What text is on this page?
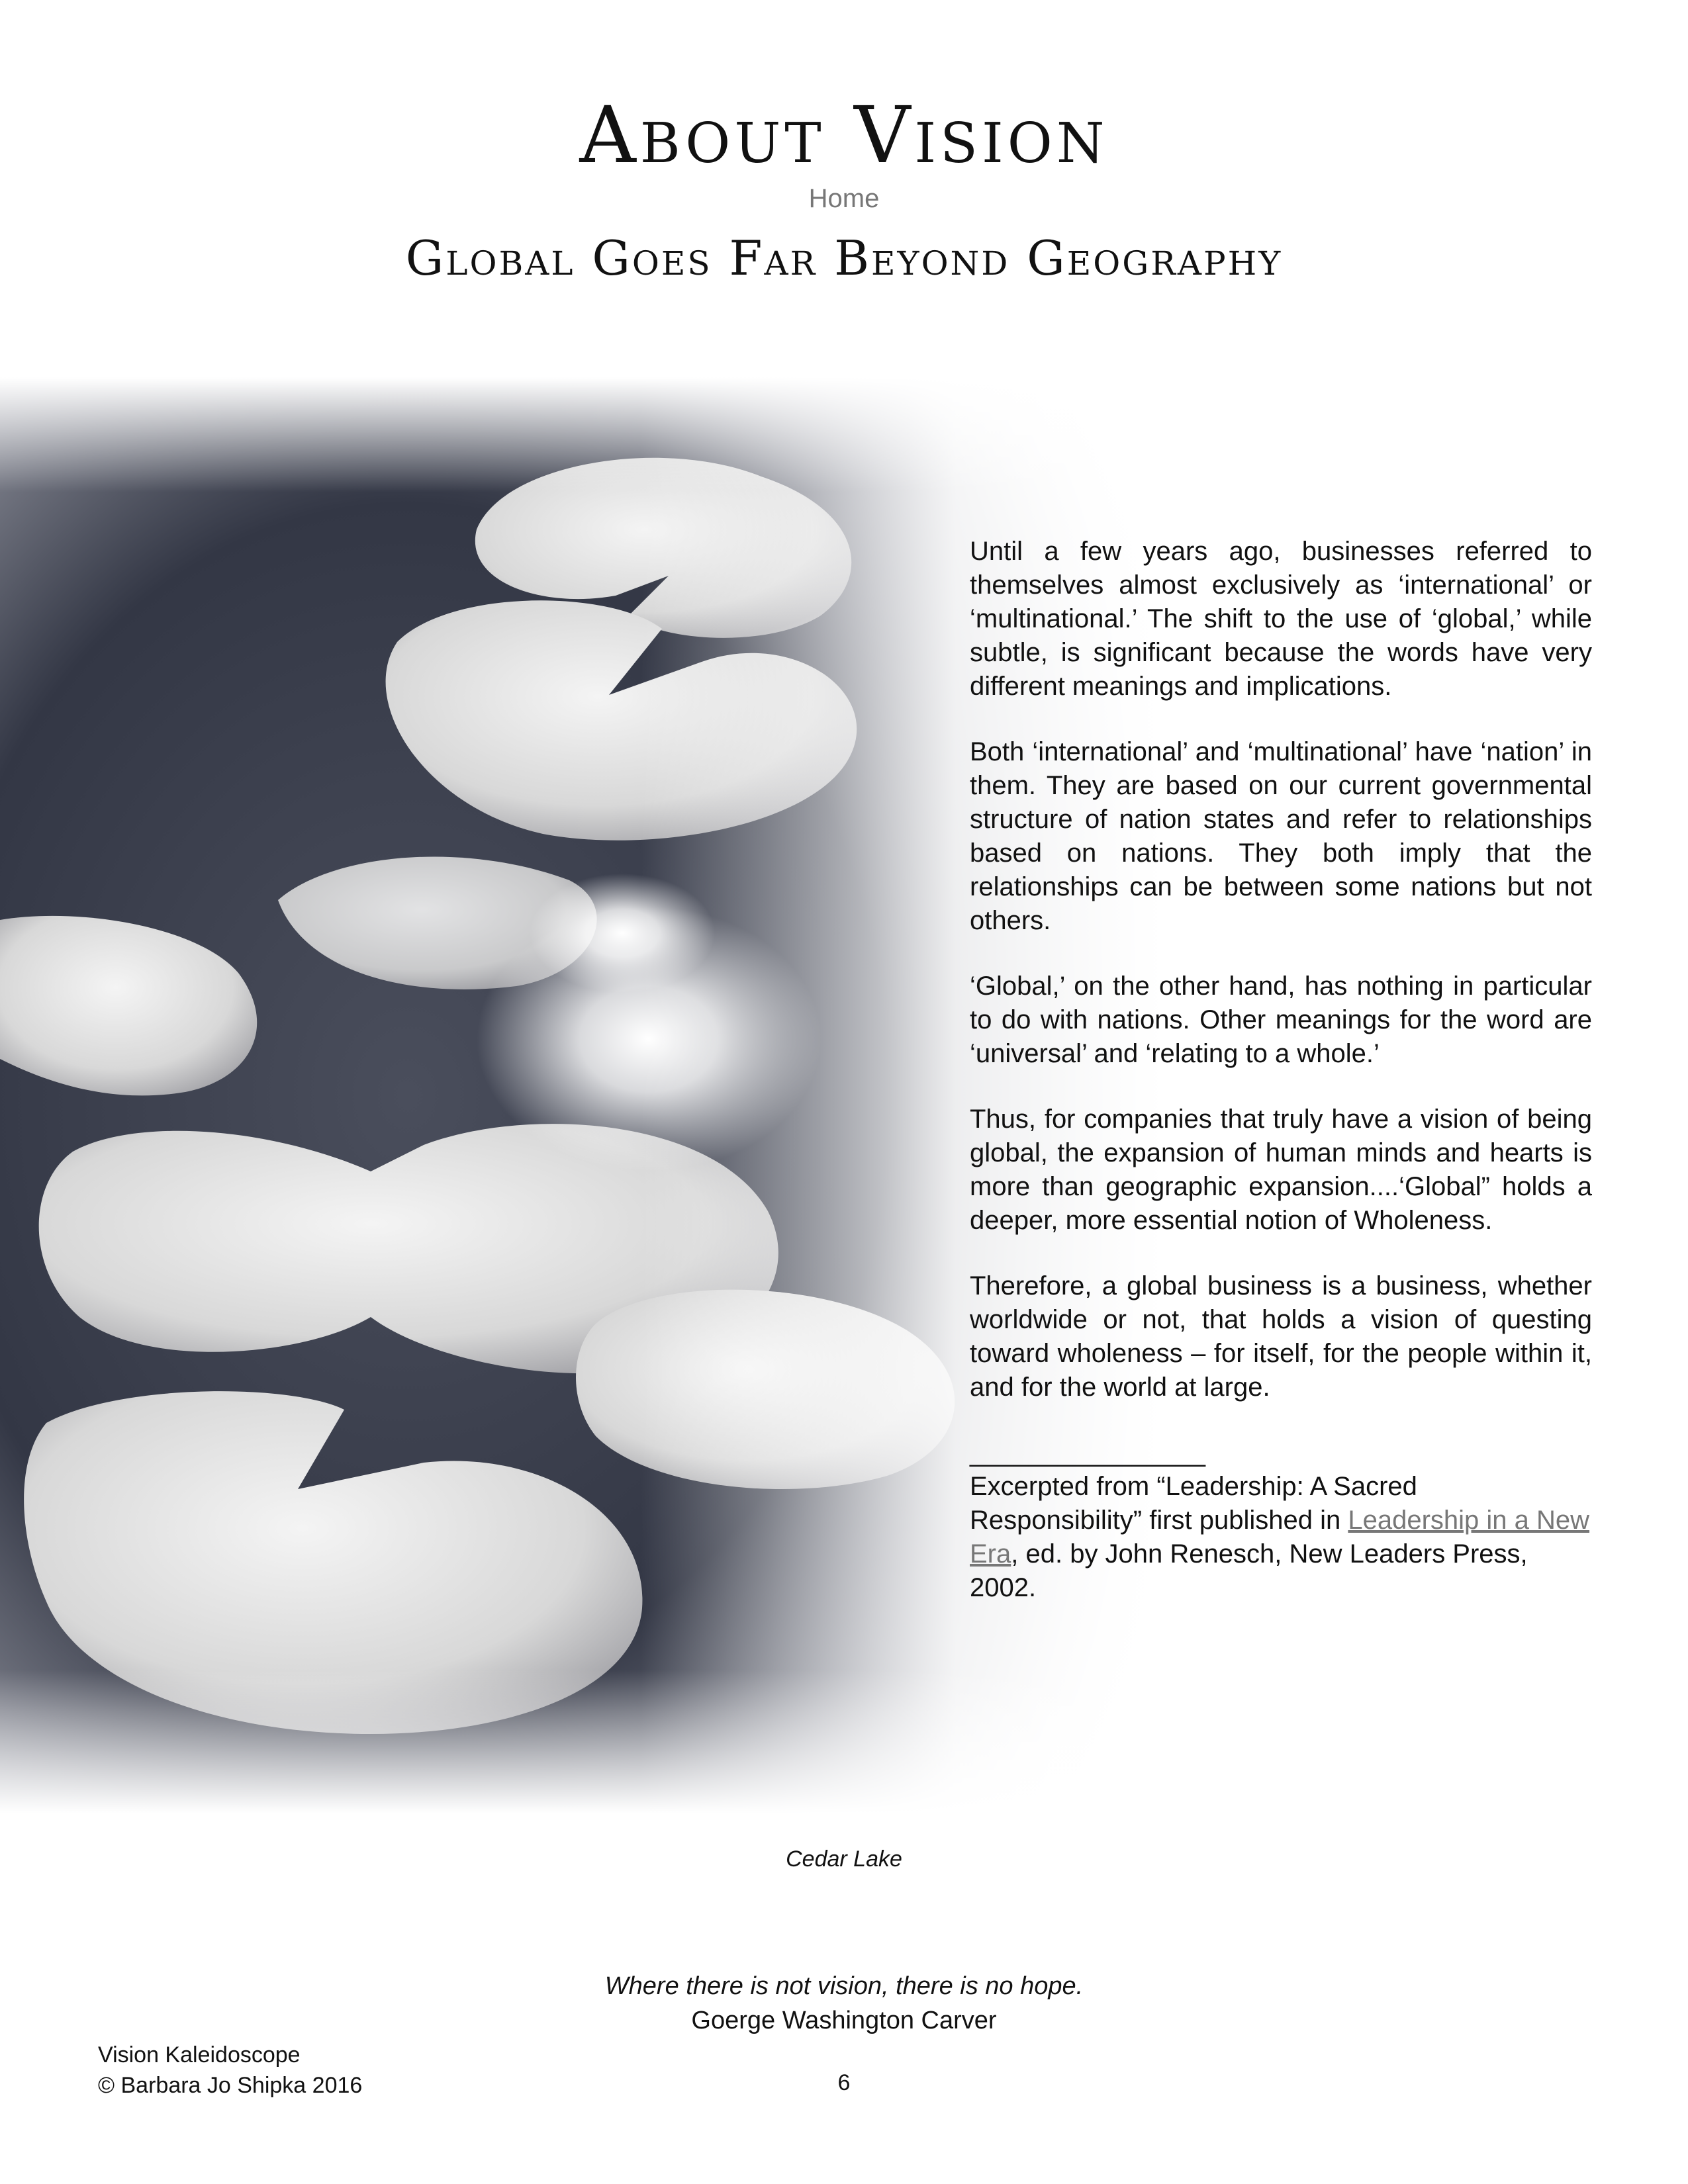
About Vision
Home
Global Goes Far Beyond Geography

Until a few years ago, businesses referred to themselves almost exclusively as ‘international’ or ‘multinational.’ The shift to the use of ‘global,’ while subtle, is significant because the words have very different meanings and implications.

Both ‘international’ and ‘multinational’ have ‘nation’ in them. They are based on our current governmental structure of nation states and refer to relationships based on nations. They both imply that the relationships can be between some nations but not others.

‘Global,’ on the other hand, has nothing in particular to do with nations. Other meanings for the word are ‘universal’ and ‘relating to a whole.’

Thus, for companies that truly have a vision of being global, the expansion of human minds and hearts is more than geographic expansion....‘Global” holds a deeper, more essential notion of Wholeness.

Therefore, a global business is a business, whether worldwide or not, that holds a vision of questing toward wholeness – for itself, for the people within it, and for the world at large.

________________
Excerpted from “Leadership: A Sacred Responsibility” first published in Leadership in a New Era, ed. by John Renesch, New Leaders Press, 2002.
Cedar Lake
Where there is not vision, there is no hope.
Goerge Washington Carver
Vision Kaleidoscope
© Barbara Jo Shipka 2016	6
